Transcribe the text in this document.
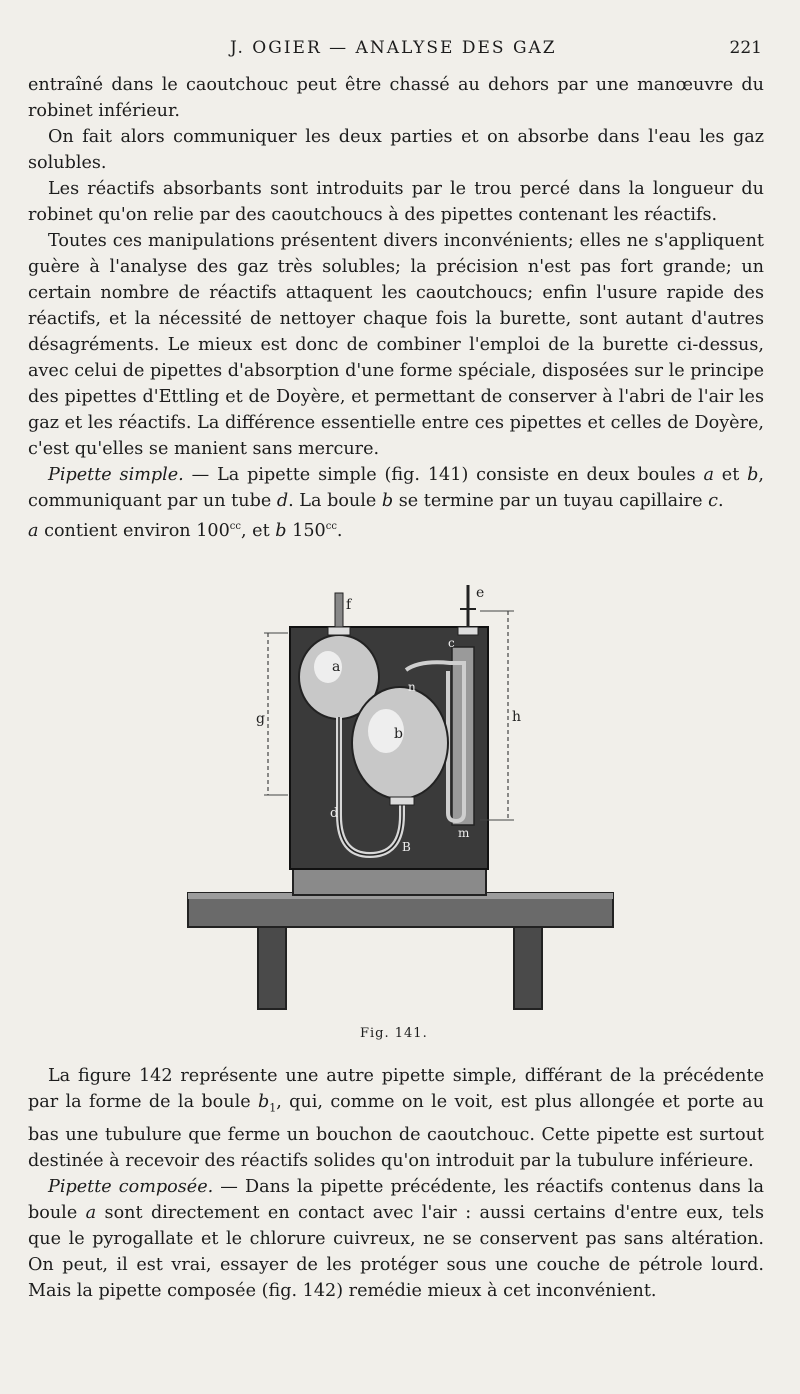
J. OGIER — ANALYSE DES GAZ	221

entraîné dans le caoutchouc peut être chassé au dehors par une manœuvre du robinet inférieur.

On fait alors communiquer les deux parties et on absorbe dans l'eau les gaz solubles.

Les réactifs absorbants sont introduits par le trou percé dans la longueur du robinet qu'on relie par des caoutchoucs à des pipettes contenant les réactifs.

Toutes ces manipulations présentent divers inconvénients; elles ne s'appliquent guère à l'analyse des gaz très solubles; la précision n'est pas fort grande; un certain nombre de réactifs attaquent les caoutchoucs; enfin l'usure rapide des réactifs, et la nécessité de nettoyer chaque fois la burette, sont autant d'autres désagréments. Le mieux est donc de combiner l'emploi de la burette ci-dessus, avec celui de pipettes d'absorption d'une forme spéciale, disposées sur le principe des pipettes d'Ettling et de Doyère, et permettant de conserver à l'abri de l'air les gaz et les réactifs. La différence essentielle entre ces pipettes et celles de Doyère, c'est qu'elles se manient sans mercure.

Pipette simple. — La pipette simple (fig. 141) consiste en deux boules a et b, communiquant par un tube d. La boule b se termine par un tuyau capillaire c.
a contient environ $100^{cc}$, et b $150^{cc}$.

f
e
a
b
c
n
g	h
d
B
m
Fig. 141.

La figure 142 représente une autre pipette simple, différant de la précédente par la forme de la boule $b_1$, qui, comme on le voit, est plus allongée et porte au bas une tubulure que ferme un bouchon de caoutchouc. Cette pipette est surtout destinée à recevoir des réactifs solides qu'on introduit par la tubulure inférieure.

Pipette composée. — Dans la pipette précédente, les réactifs contenus dans la boule a sont directement en contact avec l'air : aussi certains d'entre eux, tels que le pyrogallate et le chlorure cuivreux, ne se conservent pas sans altération. On peut, il est vrai, essayer de les protéger sous une couche de pétrole lourd. Mais la pipette composée (fig. 142) remédie mieux à cet inconvénient.
